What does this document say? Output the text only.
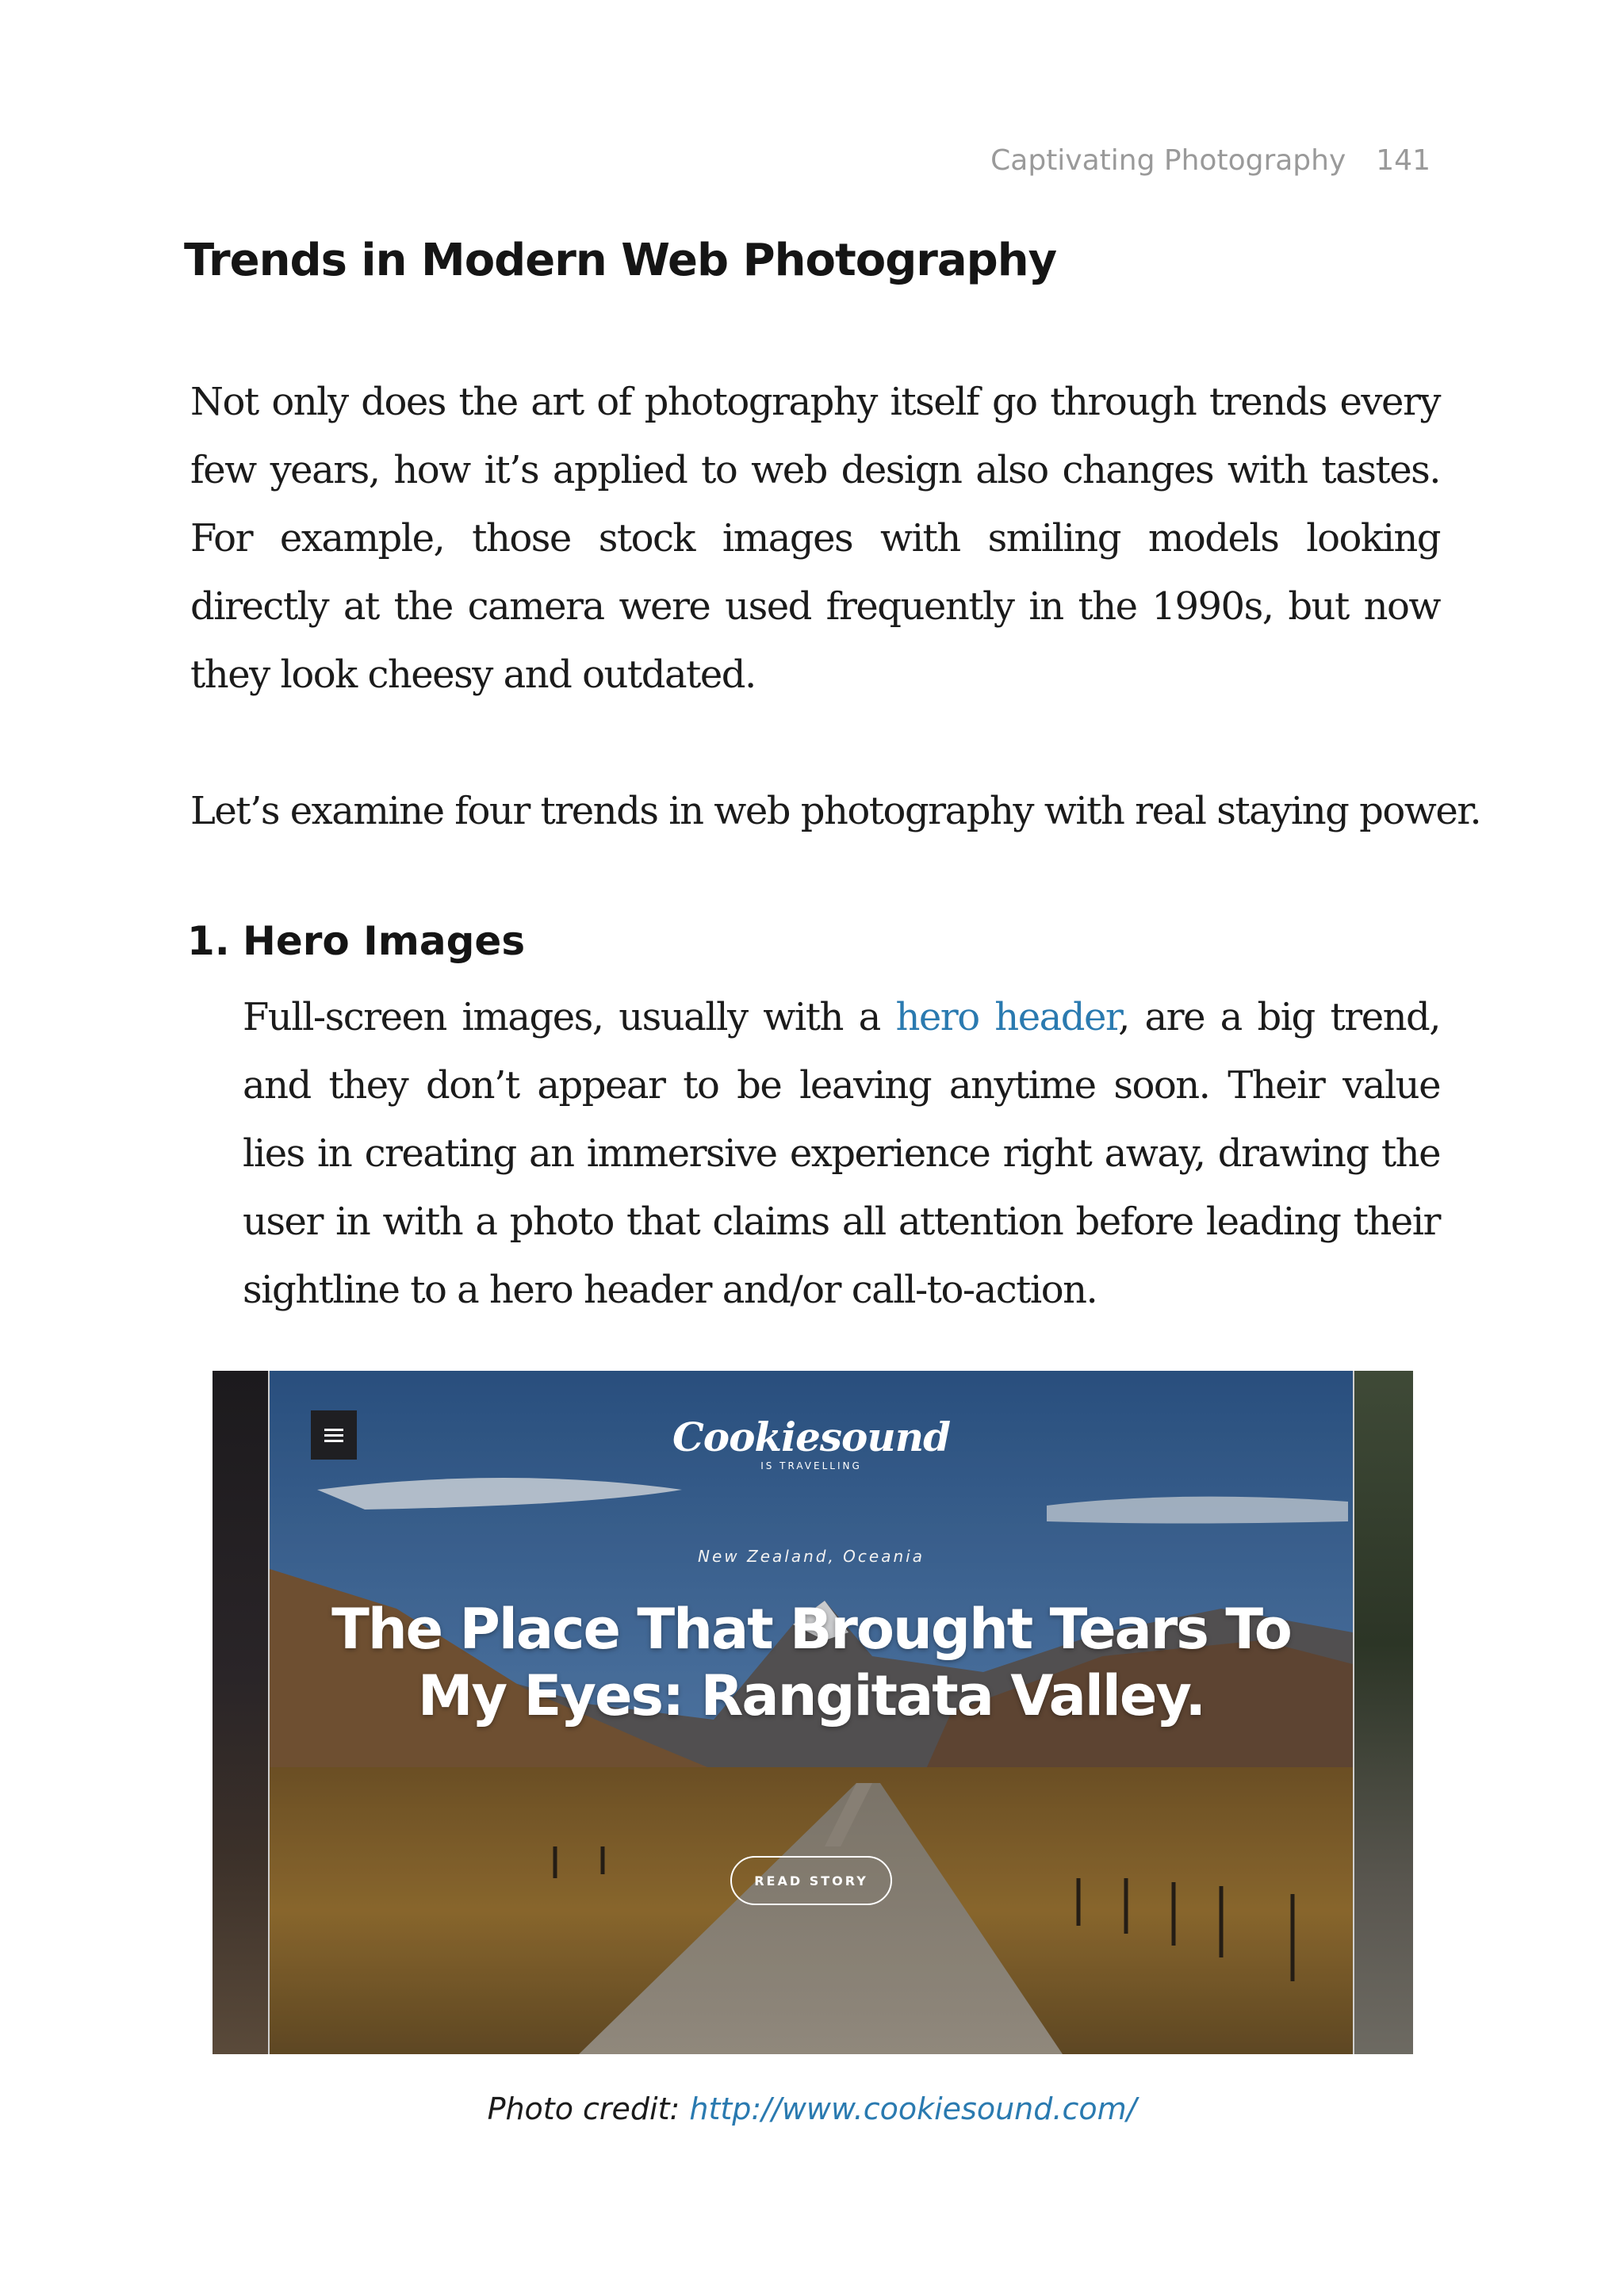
Captivating Photography 141
Trends in Modern Web Photography

Not only does the art of photography itself go through trends every few years, how it’s applied to web design also changes with tastes. For example, those stock images with smiling models looking directly at the camera were used frequently in the 1990s, but now they look cheesy and outdated.

Let’s examine four trends in web photography with real staying power.

1. Hero Images

Full-screen images, usually with a hero header, are a big trend, and they don’t appear to be leaving anytime soon. Their value lies in creating an immersive experience right away, drawing the user in with a photo that claims all attention before leading their sightline to a hero header and/or call-to-action.

Cookiesound
IS TRAVELLING
New Zealand, Oceania
The Place That Brought Tears To My Eyes: Rangitata Valley.
READ STORY
Photo credit: http://www.cookiesound.com/
